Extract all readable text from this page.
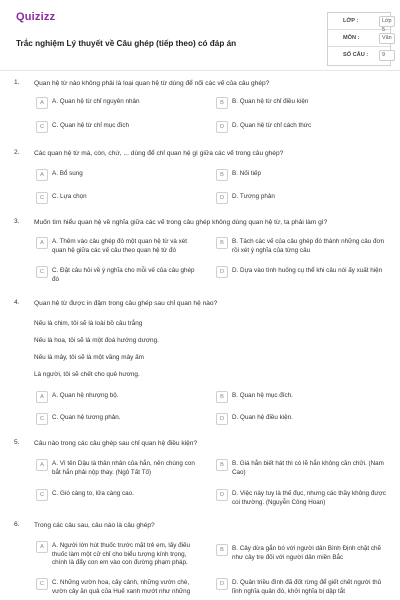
Quizizz
Trắc nghiệm Lý thuyết về Câu ghép (tiếp theo) có đáp án
LỚP :	Lớp 5
MÔN :	Văn
SỐ CÂU :	9
1. Quan hệ từ nào không phải là loại quan hệ từ dùng để nối các vế của câu ghép?
A	A. Quan hệ từ chỉ nguyên nhân	B	B. Quan hệ từ chỉ điều kiện
C	C. Quan hệ từ chỉ mục đích	D	D. Quan hệ từ chỉ cách thức
2. Các quan hệ từ mà, còn, chứ, ... dùng để chỉ quan hệ gì giữa các vế trong câu ghép?
A	A. Bổ sung	B	B. Nối tiếp
C	C. Lựa chọn	D	D. Tương phản
3. Muốn tìm hiểu quan hệ về nghĩa giữa các vế trong câu ghép không dùng quan hệ từ, ta phải làm gì?
A	A. Thêm vào câu ghép đó một quan hệ từ và xét quan hệ giữa các vế câu theo quan hệ từ đó
B	B. Tách các vế của câu ghép đó thành những câu đơn rồi xét ý nghĩa của từng câu
C	C. Đặt câu hỏi về ý nghĩa cho mỗi vế của câu ghép đó
D	D. Dựa vào tình huống cụ thể khi câu nói ấy xuất hiện
4. Quan hệ từ được in đậm trong câu ghép sau chỉ quan hệ nào?
Nếu là chim, tôi sẽ là loài bồ câu trắng
Nếu là hoa, tôi sẽ là một đoá hướng dương.
Nếu là mây, tôi sẽ là một vầng mây ấm
Là người, tôi sẽ chết cho quê hương.
A	A. Quan hệ nhượng bộ.	B	B. Quan hệ mục đích.
C	C. Quan hệ tương phản.	D	D. Quan hệ điều kiện.
5. Câu nào trong các câu ghép sau chỉ quan hệ điều kiện?
A	A. Vì tên Dậu là thân nhân của hắn, nên chúng con bắt hắn phải nộp thay. (Ngô Tất Tố)
B	B. Giá hắn biết hát thì có lẽ hắn không cần chửi. (Nam Cao)
C	C. Gió càng to, lửa càng cao.	D	D. Việc này tuy là thế đục, nhưng các thầy không được coi thường. (Nguyễn Công Hoan)
6. Trong các câu sau, câu nào là câu ghép?
A	A. Người lớn hút thuốc trước mặt trẻ em, lấy điếu thuốc làm một cử chỉ cho biểu tượng kính trọng, chính là đẩy con em vào con đường phạm pháp.
B	B. Cây dừa gắn bó với người dân Bình Định chặt chẽ như cây tre đối với người dân miền Bắc
C	C. Những vườn hoa, cây cảnh, những vườn chè, vườn cây ăn quả của Huế xanh mướt như những
D	D. Quân triều đình đã đốt rừng để giết chết người thủ lĩnh nghĩa quân đó, khởi nghĩa bị dập tắt
